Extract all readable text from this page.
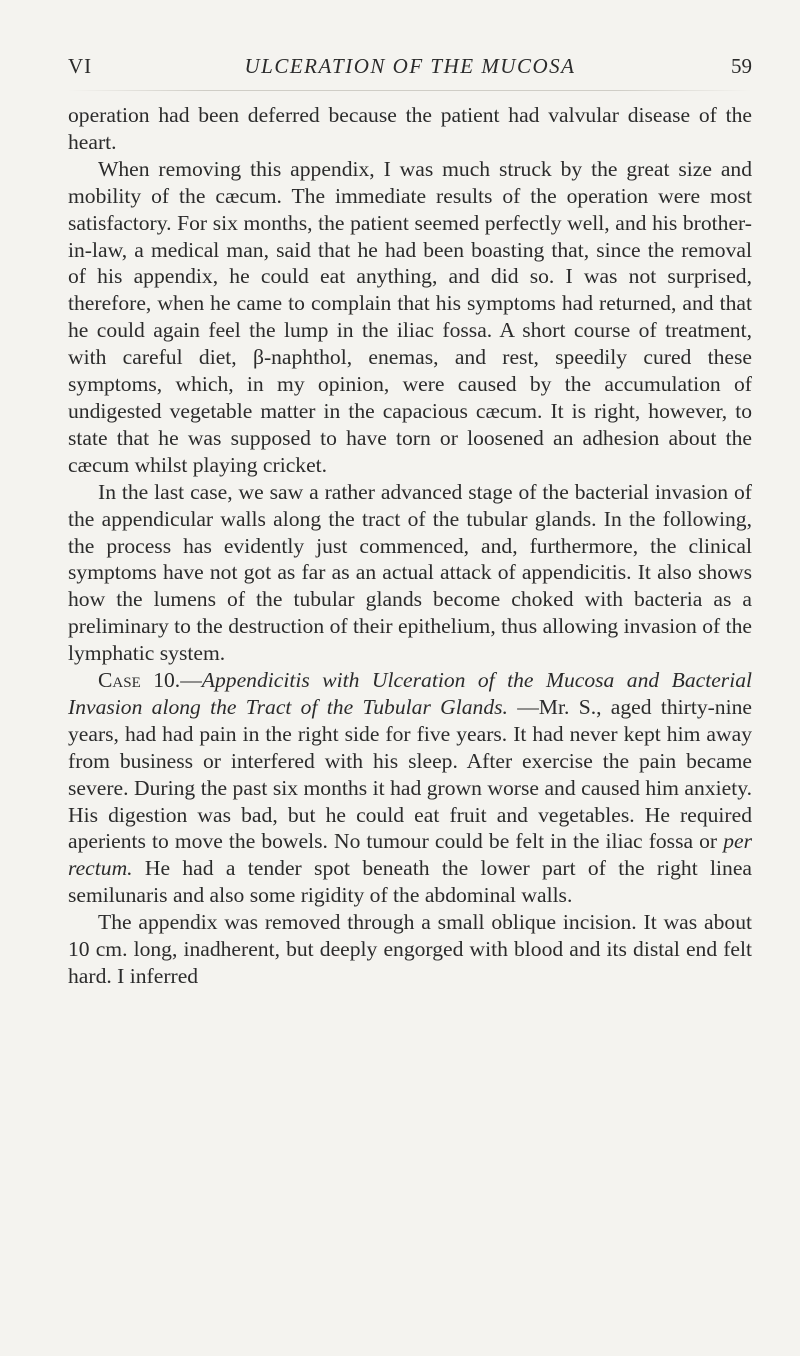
VI	ULCERATION OF THE MUCOSA	59

operation had been deferred because the patient had valvular disease of the heart.

When removing this appendix, I was much struck by the great size and mobility of the cæcum. The immediate results of the operation were most satisfactory. For six months, the patient seemed perfectly well, and his brother-in-law, a medical man, said that he had been boasting that, since the removal of his appendix, he could eat anything, and did so. I was not surprised, therefore, when he came to complain that his symptoms had returned, and that he could again feel the lump in the iliac fossa. A short course of treatment, with careful diet, β-naphthol, enemas, and rest, speedily cured these symptoms, which, in my opinion, were caused by the accumulation of undigested vegetable matter in the capacious cæcum. It is right, however, to state that he was supposed to have torn or loosened an adhesion about the cæcum whilst playing cricket.

In the last case, we saw a rather advanced stage of the bacterial invasion of the appendicular walls along the tract of the tubular glands. In the following, the process has evidently just commenced, and, furthermore, the clinical symptoms have not got as far as an actual attack of appendicitis. It also shows how the lumens of the tubular glands become choked with bacteria as a preliminary to the destruction of their epithelium, thus allowing invasion of the lymphatic system.

Case 10.—Appendicitis with Ulceration of the Mucosa and Bacterial Invasion along the Tract of the Tubular Glands. —Mr. S., aged thirty-nine years, had had pain in the right side for five years. It had never kept him away from business or interfered with his sleep. After exercise the pain became severe. During the past six months it had grown worse and caused him anxiety. His digestion was bad, but he could eat fruit and vegetables. He required aperients to move the bowels. No tumour could be felt in the iliac fossa or per rectum. He had a tender spot beneath the lower part of the right linea semilunaris and also some rigidity of the abdominal walls.

The appendix was removed through a small oblique incision. It was about 10 cm. long, inadherent, but deeply engorged with blood and its distal end felt hard. I inferred
